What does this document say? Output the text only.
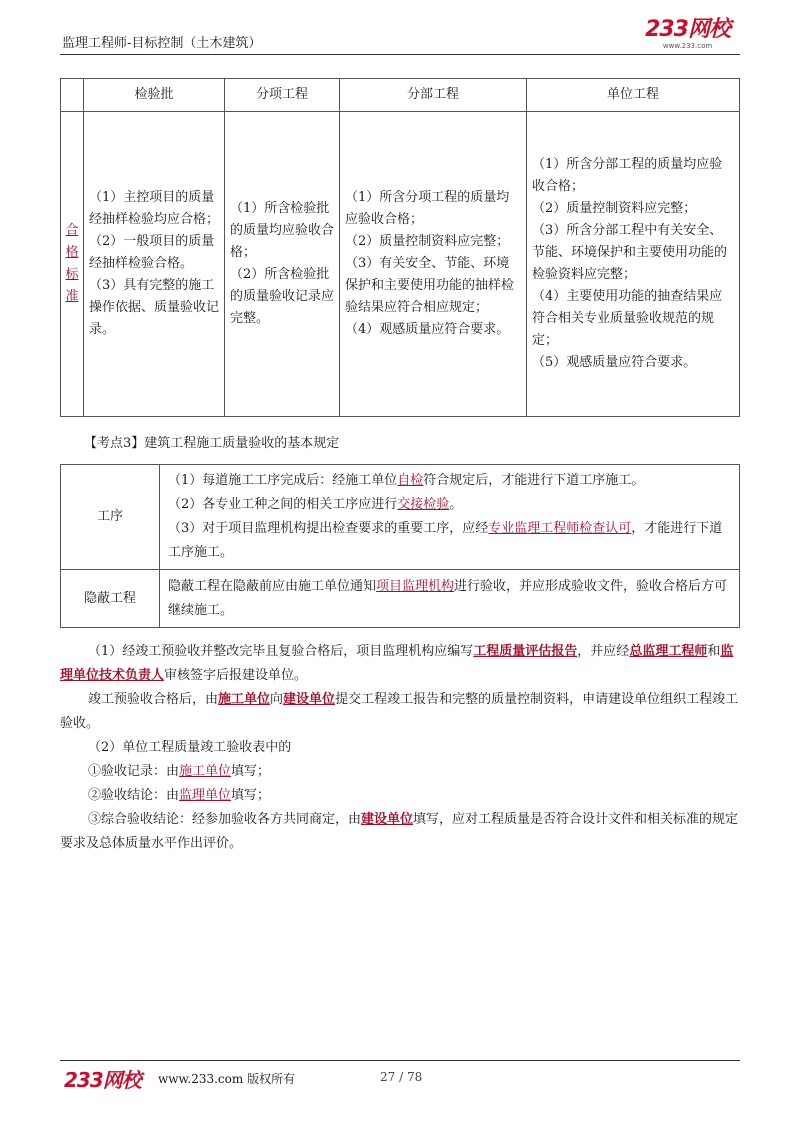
监理工程师-目标控制（土木建筑）
233网校
www.233.com
	检验批	分项工程	分部工程	单位工程
合格标准	（1）主控项目的质量经抽样检验均应合格；
（2）一般项目的质量经抽样检验合格。
（3）具有完整的施工操作依据、质量验收记录。	（1）所含检验批的质量均应验收合格；
（2）所含检验批的质量验收记录应完整。	（1）所含分项工程的质量均应验收合格；
（2）质量控制资料应完整；
（3）有关安全、节能、环境保护和主要使用功能的抽样检验结果应符合相应规定；
（4）观感质量应符合要求。	（1）所含分部工程的质量均应验收合格；
（2）质量控制资料应完整；
（3）所含分部工程中有关安全、节能、环境保护和主要使用功能的检验资料应完整；
（4）主要使用功能的抽查结果应符合相关专业质量验收规范的规定；
（5）观感质量应符合要求。
【考点3】建筑工程施工质量验收的基本规定
工序	（1）每道施工工序完成后：经施工单位自检符合规定后，才能进行下道工序施工。
（2）各专业工种之间的相关工序应进行交接检验。
（3）对于项目监理机构提出检查要求的重要工序，应经专业监理工程师检查认可，才能进行下道工序施工。

隐蔽工程	隐蔽工程在隐蔽前应由施工单位通知项目监理机构进行验收，并应形成验收文件，验收合格后方可继续施工。
（1）经竣工预验收并整改完毕且复验合格后，项目监理机构应编写工程质量评估报告，并应经总监理工程师和监理单位技术负责人审核签字后报建设单位。
竣工预验收合格后，由施工单位向建设单位提交工程竣工报告和完整的质量控制资料，申请建设单位组织工程竣工验收。
（2）单位工程质量竣工验收表中的
①验收记录：由施工单位填写；
②验收结论：由监理单位填写；
③综合验收结论：经参加验收各方共同商定，由建设单位填写，应对工程质量是否符合设计文件和相关标准的规定要求及总体质量水平作出评价。
233网校 www.233.com 版权所有	27 / 78
